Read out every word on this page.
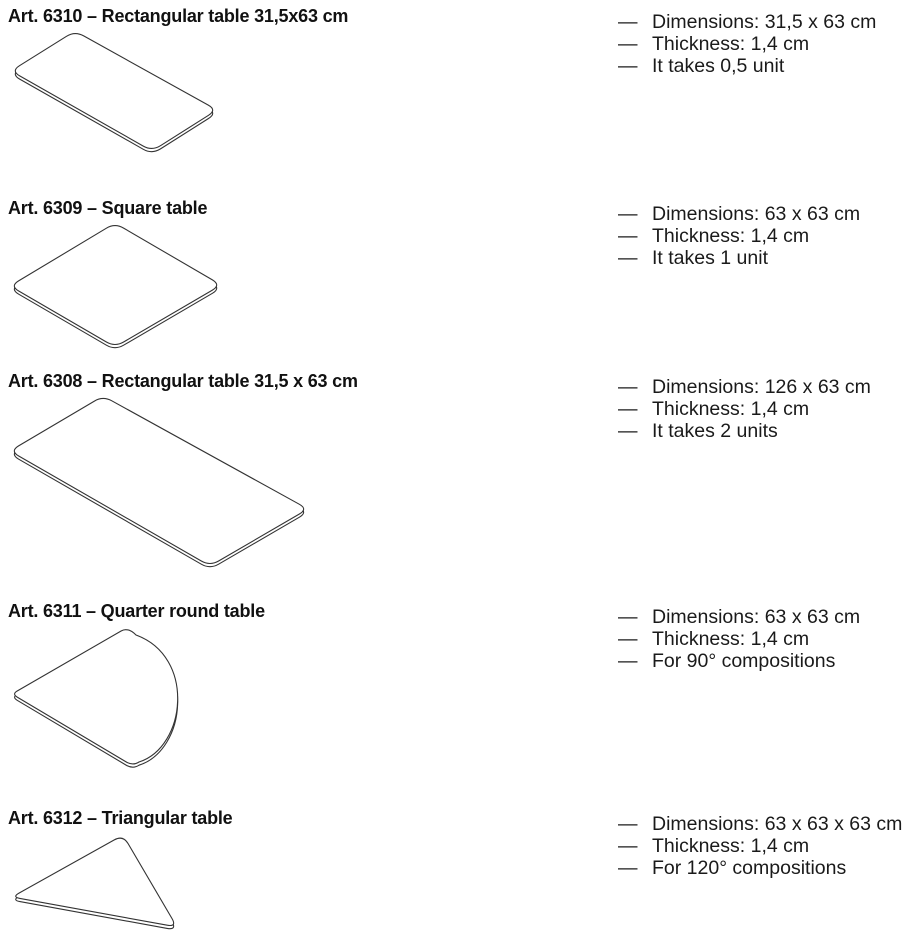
Art. 6310 – Rectangular table 31,5x63 cm	— Dimensions: 31,5 x 63 cm
— Thickness: 1,4 cm
— It takes 0,5 unit
Art. 6309 – Square table	— Dimensions: 63 x 63 cm
— Thickness: 1,4 cm
— It takes 1 unit
Art. 6308 – Rectangular table 31,5 x 63 cm	— Dimensions: 126 x 63 cm
— Thickness: 1,4 cm
— It takes 2 units
Art. 6311 – Quarter round table	— Dimensions: 63 x 63 cm
— Thickness: 1,4 cm
— For 90° compositions
Art. 6312 – Triangular table	— Dimensions: 63 x 63 x 63 cm
— Thickness: 1,4 cm
— For 120° compositions
